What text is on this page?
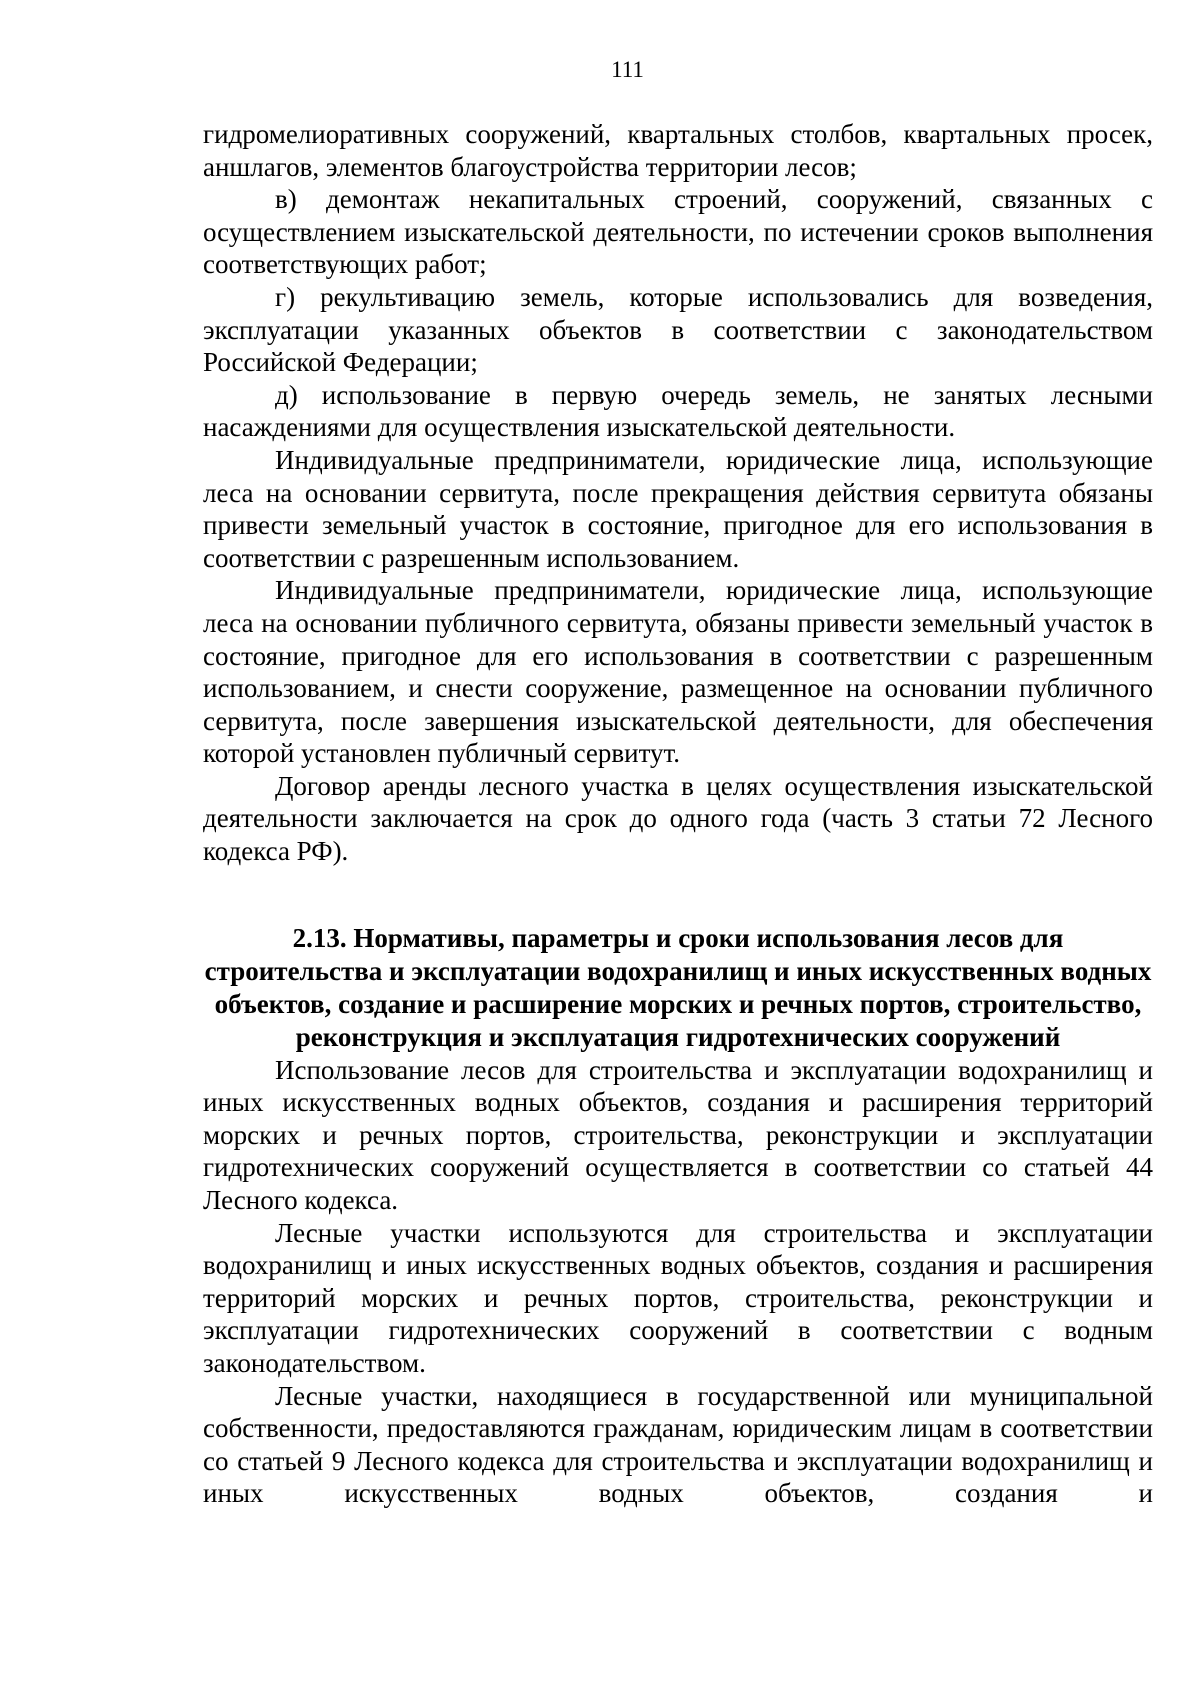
111

гидромелиоративных сооружений, квартальных столбов, квартальных просек, аншлагов, элементов благоустройства территории лесов;

в) демонтаж некапитальных строений, сооружений, связанных с осуществлением изыскательской деятельности, по истечении сроков выполнения соответствующих работ;

г) рекультивацию земель, которые использовались для возведения, эксплуатации указанных объектов в соответствии с законодательством Российской Федерации;

д) использование в первую очередь земель, не занятых лесными насаждениями для осуществления изыскательской деятельности.

Индивидуальные предприниматели, юридические лица, использующие леса на основании сервитута, после прекращения действия сервитута обязаны привести земельный участок в состояние, пригодное для его использования в соответствии с разрешенным использованием.

Индивидуальные предприниматели, юридические лица, использующие леса на основании публичного сервитута, обязаны привести земельный участок в состояние, пригодное для его использования в соответствии с разрешенным использованием, и снести сооружение, размещенное на основании публичного сервитута, после завершения изыскательской деятельности, для обеспечения которой установлен публичный сервитут.

Договор аренды лесного участка в целях осуществления изыскательской деятельности заключается на срок до одного года (часть 3 статьи 72 Лесного кодекса РФ).

2.13. Нормативы, параметры и сроки использования лесов для строительства и эксплуатации водохранилищ и иных искусственных водных объектов, создание и расширение морских и речных портов, строительство, реконструкция и эксплуатация гидротехнических сооружений

Использование лесов для строительства и эксплуатации водохранилищ и иных искусственных водных объектов, создания и расширения территорий морских и речных портов, строительства, реконструкции и эксплуатации гидротехнических сооружений осуществляется в соответствии со статьей 44 Лесного кодекса.

Лесные участки используются для строительства и эксплуатации водохранилищ и иных искусственных водных объектов, создания и расширения территорий морских и речных портов, строительства, реконструкции и эксплуатации гидротехнических сооружений в соответствии с водным законодательством.

Лесные участки, находящиеся в государственной или муниципальной собственности, предоставляются гражданам, юридическим лицам в соответствии со статьей 9 Лесного кодекса для строительства и эксплуатации водохранилищ и иных искусственных водных объектов, создания и
